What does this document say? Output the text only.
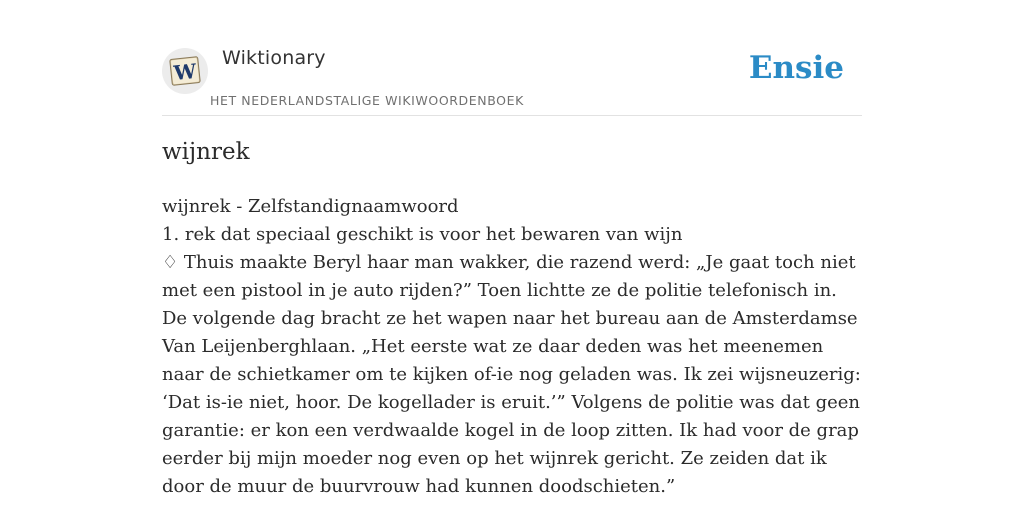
W
Wiktionary
HET NEDERLANDSTALIGE WIKIWOORDENBOEK
Ensie
wijnrek

wijnrek - Zelfstandignaamwoord

1. rek dat speciaal geschikt is voor het bewaren van wijn

♢ Thuis maakte Beryl haar man wakker, die razend werd: „Je gaat toch niet met een pistool in je auto rijden?” Toen lichtte ze de politie telefonisch in. De volgende dag bracht ze het wapen naar het bureau aan de Amsterdamse Van Leijenberghlaan. „Het eerste wat ze daar deden was het meenemen naar de schietkamer om te kijken of-ie nog geladen was. Ik zei wijsneuzerig: ‘Dat is-ie niet, hoor. De kogellader is eruit.’” Volgens de politie was dat geen garantie: er kon een verdwaalde kogel in de loop zitten. Ik had voor de grap eerder bij mijn moeder nog even op het wijnrek gericht. Ze zeiden dat ik door de muur de buurvrouw had kunnen doodschieten.”
